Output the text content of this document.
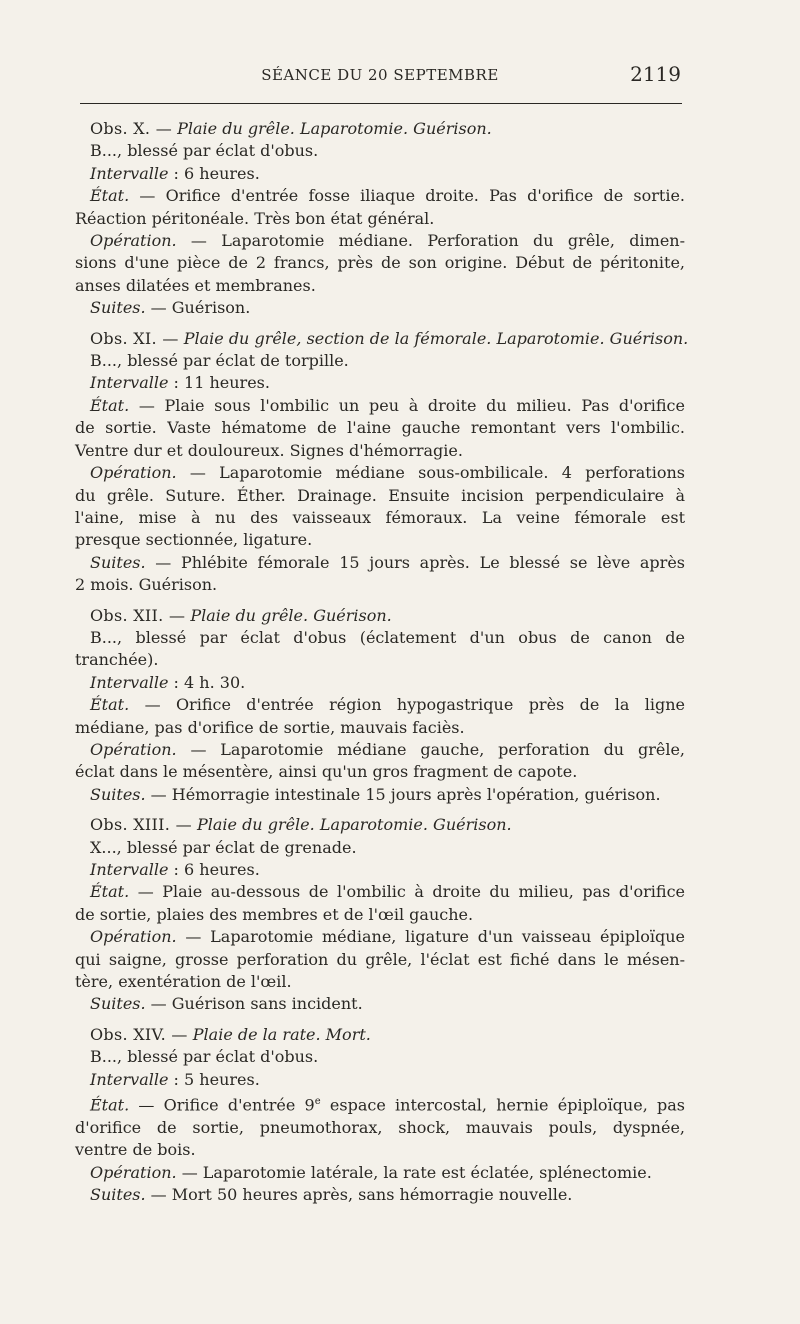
SÉANCE DU 20 SEPTEMBRE	2119
Obs. X. — Plaie du grêle. Laparotomie. Guérison.
B..., blessé par éclat d'obus.
Intervalle : 6 heures.
État. — Orifice d'entrée fosse iliaque droite. Pas d'orifice de sortie.
Réaction péritonéale. Très bon état général.
Opération. — Laparotomie médiane. Perforation du grêle, dimen-
sions d'une pièce de 2 francs, près de son origine. Début de péritonite,
anses dilatées et membranes.
Suites. — Guérison.
Obs. XI. — Plaie du grêle, section de la fémorale. Laparotomie. Guérison.
B..., blessé par éclat de torpille.
Intervalle : 11 heures.
État. — Plaie sous l'ombilic un peu à droite du milieu. Pas d'orifice
de sortie. Vaste hématome de l'aine gauche remontant vers l'ombilic.
Ventre dur et douloureux. Signes d'hémorragie.
Opération. — Laparotomie médiane sous-ombilicale. 4 perforations
du grêle. Suture. Éther. Drainage. Ensuite incision perpendiculaire à
l'aine, mise à nu des vaisseaux fémoraux. La veine fémorale est
presque sectionnée, ligature.
Suites. — Phlébite fémorale 15 jours après. Le blessé se lève après
2 mois. Guérison.
Obs. XII. — Plaie du grêle. Guérison.
B..., blessé par éclat d'obus (éclatement d'un obus de canon de
tranchée).
Intervalle : 4 h. 30.
État. — Orifice d'entrée région hypogastrique près de la ligne
médiane, pas d'orifice de sortie, mauvais faciès.
Opération. — Laparotomie médiane gauche, perforation du grêle,
éclat dans le mésentère, ainsi qu'un gros fragment de capote.
Suites. — Hémorragie intestinale 15 jours après l'opération, guérison.
Obs. XIII. — Plaie du grêle. Laparotomie. Guérison.
X..., blessé par éclat de grenade.
Intervalle : 6 heures.
État. — Plaie au-dessous de l'ombilic à droite du milieu, pas d'orifice
de sortie, plaies des membres et de l'œil gauche.
Opération. — Laparotomie médiane, ligature d'un vaisseau épiploïque
qui saigne, grosse perforation du grêle, l'éclat est fiché dans le mésen-
tère, exentération de l'œil.
Suites. — Guérison sans incident.
Obs. XIV. — Plaie de la rate. Mort.
B..., blessé par éclat d'obus.
Intervalle : 5 heures.
État. — Orifice d'entrée 9e espace intercostal, hernie épiploïque, pas
d'orifice de sortie, pneumothorax, shock, mauvais pouls, dyspnée,
ventre de bois.
Opération. — Laparotomie latérale, la rate est éclatée, splénectomie.
Suites. — Mort 50 heures après, sans hémorragie nouvelle.
